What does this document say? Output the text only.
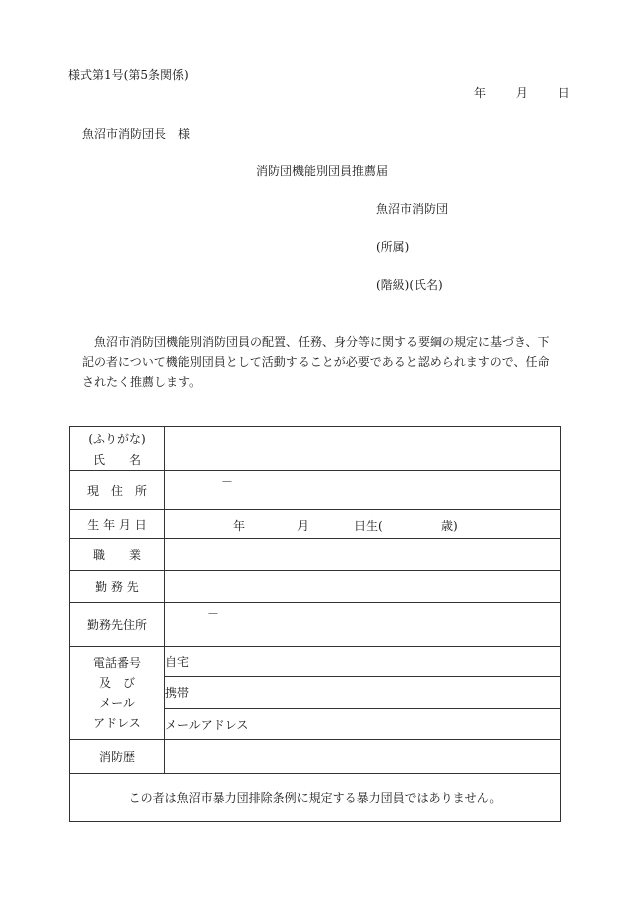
様式第1号(第5条関係)
年 月 日
魚沼市消防団長　様
消防団機能別団員推薦届
魚沼市消防団
(所属)
(階級)(氏名)
魚沼市消防団機能別消防団員の配置、任務、身分等に関する要綱の規定に基づき、下記の者について機能別団員として活動することが必要であると認められますので、任命されたく推薦します。
(ふりがな)
氏　　名	

現　住　所	－

生 年 月 日	年 月 日生( 歳)

職　　業	
勤 務 先	
勤務先住所	－

電話番号
及　び
メール
アドレス	自宅
	携帯
	メールアドレス
消防歴	
この者は魚沼市暴力団排除条例に規定する暴力団員ではありません。	
